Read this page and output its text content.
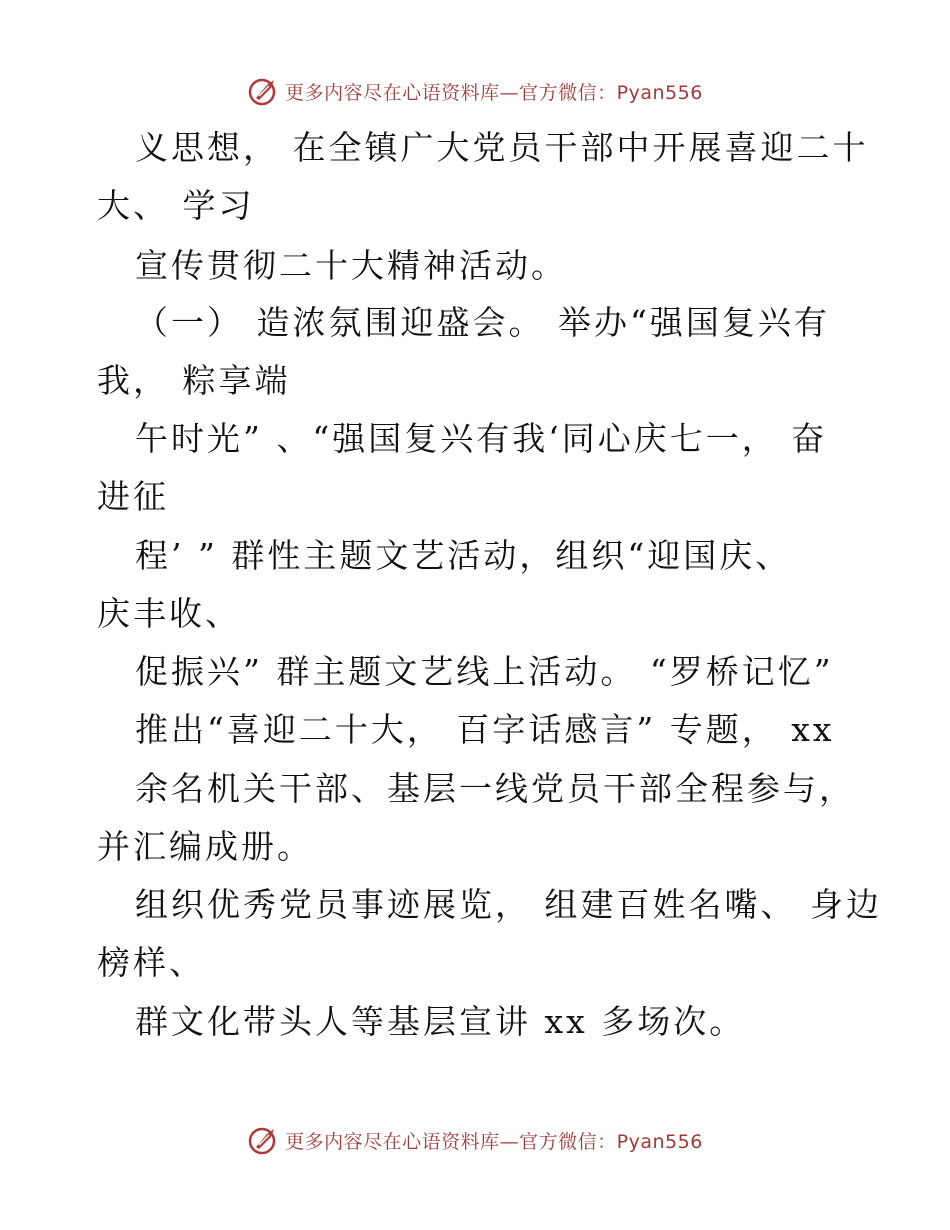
更多内容尽在心语资料库—官方微信：Pyan556
义思想， 在全镇广大党员干部中开展喜迎二十
大、 学习
宣传贯彻二十大精神活动。
（一） 造浓氛围迎盛会。 举办“强国复兴有
我， 粽享端
午时光” 、“强国复兴有我‘同心庆七一， 奋
进征
程’ ” 群性主题文艺活动，组织“迎国庆、
庆丰收、
促振兴” 群主题文艺线上活动。 “罗桥记忆”
推出“喜迎二十大， 百字话感言” 专题， xx
余名机关干部、基层一线党员干部全程参与，
并汇编成册。
组织优秀党员事迹展览， 组建百姓名嘴、 身边
榜样、
群文化带头人等基层宣讲 xx 多场次。
更多内容尽在心语资料库—官方微信：Pyan556
